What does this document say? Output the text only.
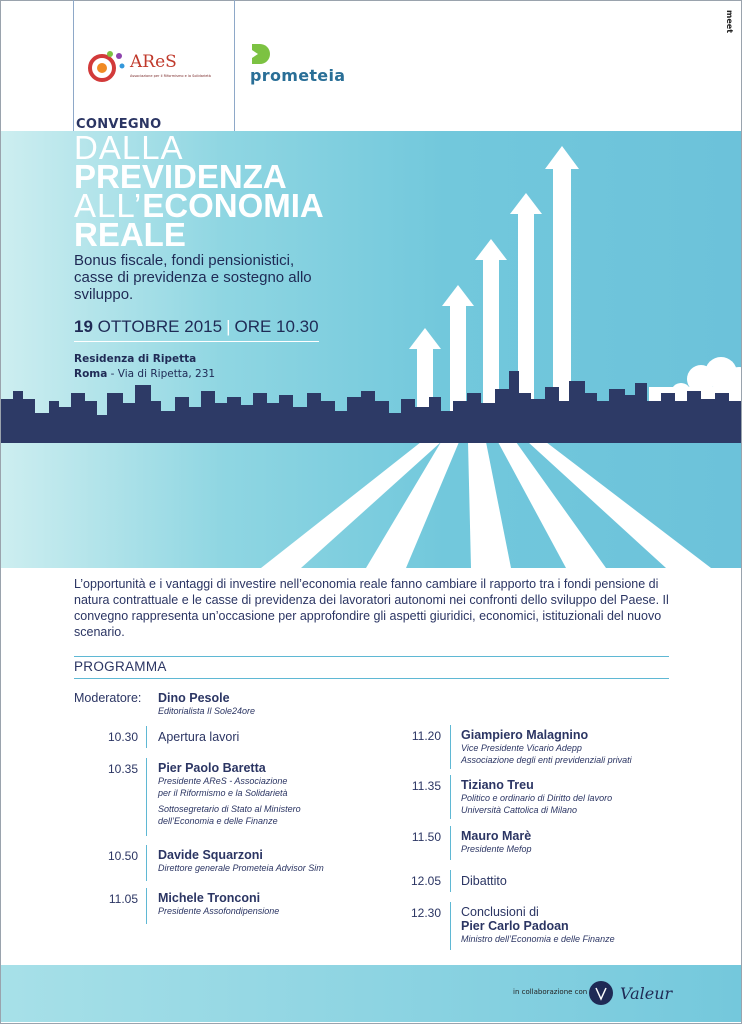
AReS
Associazione per il Riformismo e la Solidarietà prometeia
meet
CONVEGNO
DALLA
PREVIDENZA
ALL’ECONOMIA
REALE
Bonus fiscale, fondi pensionistici, casse di previdenza e sostegno allo sviluppo.
19 OTTOBRE 2015 | ORE 10.30
Residenza di Ripetta
Roma - Via di Ripetta, 231
L’opportunità e i vantaggi di investire nell’economia reale fanno cambiare il rapporto tra i fondi pensione di natura contrattuale e le casse di previdenza dei lavoratori autonomi nei confronti dello sviluppo del Paese. Il convegno rappresenta un’occasione per approfondire gli aspetti giuridici, economici, istituzionali del nuovo scenario.
PROGRAMMA
Moderatore: Dino Pesole
Editorialista Il Sole24ore
10.30 Apertura lavori
10.35 Pier Paolo Baretta
Presidente AReS - Associazione
per il Riformismo e la Solidarietà
Sottosegretario di Stato al Ministero
dell’Economia e delle Finanze
10.50 Davide Squarzoni
Direttore generale Prometeia Advisor Sim
11.05 Michele Tronconi
Presidente Assofondipensione
11.20 Giampiero Malagnino
Vice Presidente Vicario Adepp
Associazione degli enti previdenziali privati
11.35 Tiziano Treu
Politico e ordinario di Diritto del lavoro
Università Cattolica di Milano
11.50 Mauro Marè
Presidente Mefop
12.05 Dibattito
12.30 Conclusioni di
Pier Carlo Padoan
Ministro dell’Economia e delle Finanze
in collaborazione con Valeur
